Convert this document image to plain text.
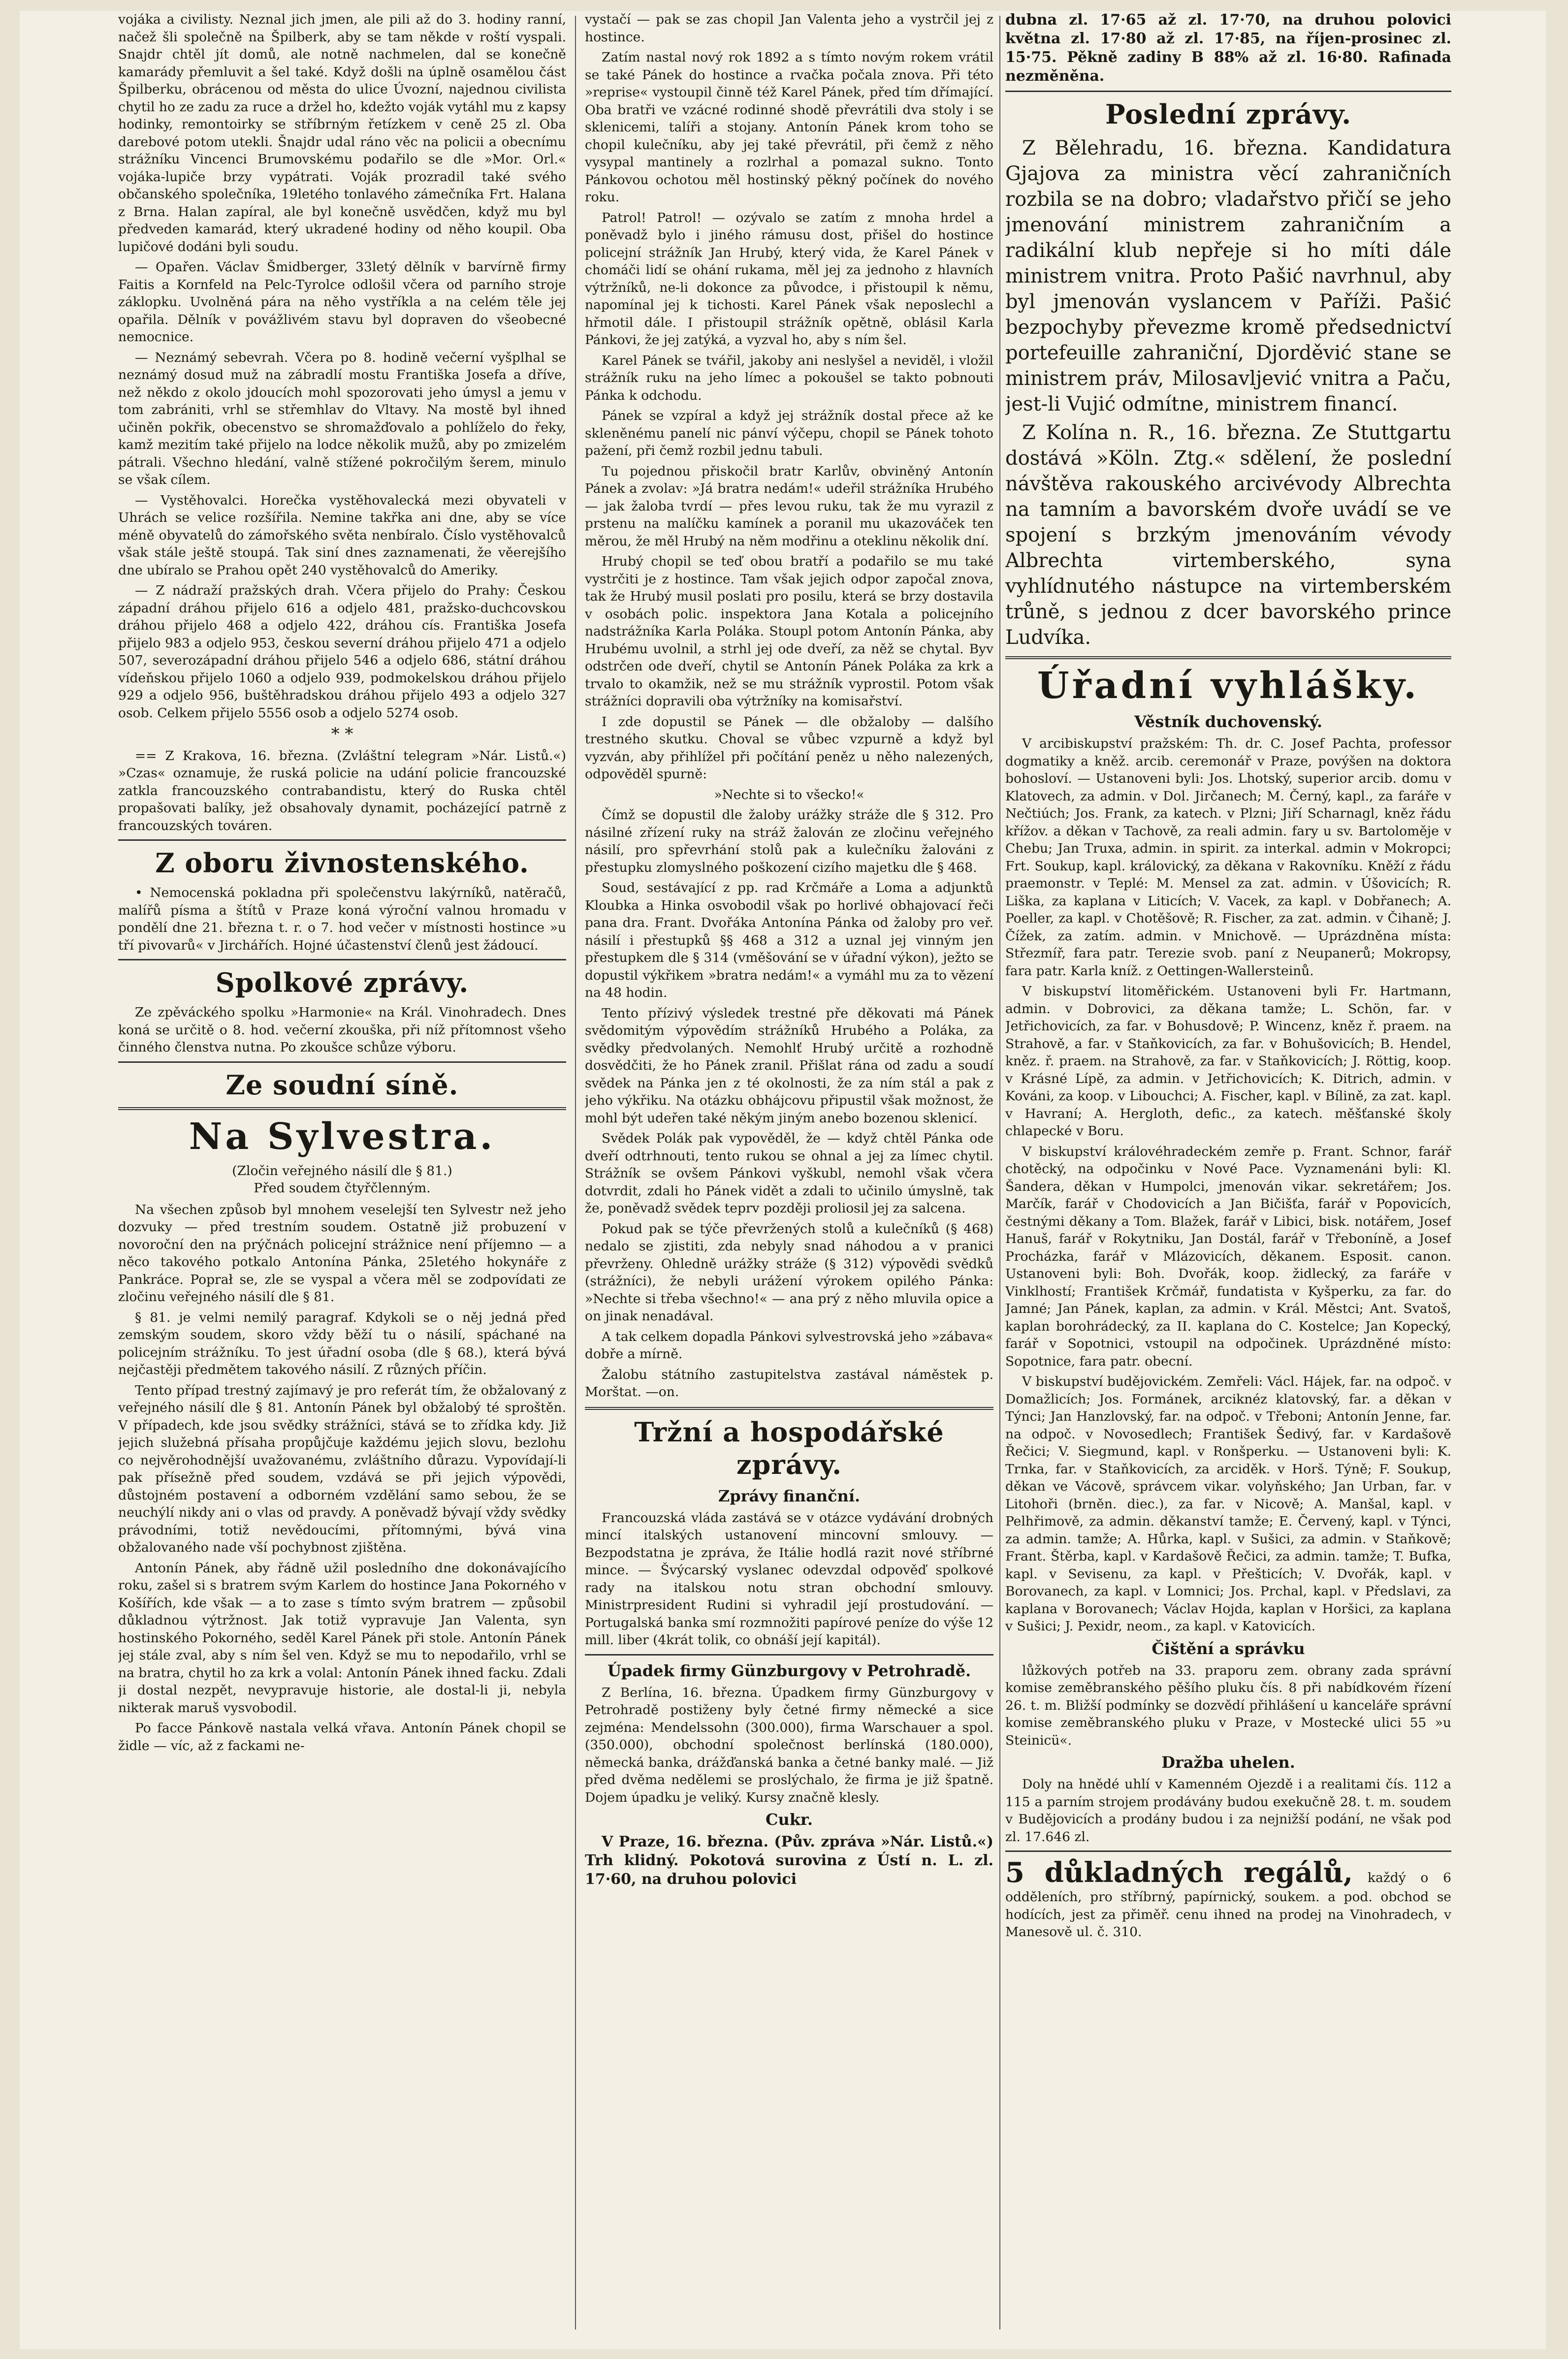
vojáka a civilisty. Neznal jich jmen, ale pili až do 3. hodiny ranní, načež šli společně na Špilberk, aby se tam někde v roští vyspali. Snajdr chtěl jít domů, ale notně nachmelen, dal se konečně kamarády přemluvit a šel také. Když došli na úplně osamělou část Špilberku, obrácenou od města do ulice Úvozní, najednou civilista chytil ho ze zadu za ruce a držel ho, kdežto voják vytáhl mu z kapsy hodinky, remontoirky se stříbrným řetízkem v ceně 25 zl. Oba darebové potom utekli. Šnajdr udal ráno věc na policii a obecnímu strážníku Vincenci Brumovskému podařilo se dle »Mor. Orl.« vojáka-lupiče brzy vypátrati. Voják prozradil také svého občanského společníka, 19letého tonlavého zámečníka Frt. Halana z Brna. Halan zapíral, ale byl konečně usvědčen, když mu byl předveden kamarád, který ukradené hodiny od něho koupil. Oba lupičové dodáni byli soudu.

— Opařen. Václav Šmidberger, 33letý dělník v barvírně firmy Faitis a Kornfeld na Pelc-Tyrolce odlošil včera od parního stroje záklopku. Uvolněná pára na něho vystříkla a na celém těle jej opařila. Dělník v povážlivém stavu byl dopraven do všeobecné nemocnice.

— Neznámý sebevrah. Včera po 8. hodině večerní vyšplhal se neznámý dosud muž na zábradlí mostu Františka Josefa a dříve, než někdo z okolo jdoucích mohl spozorovati jeho úmysl a jemu v tom zabrániti, vrhl se střemhlav do Vltavy. Na mostě byl ihned učiněn pokřik, obecenstvo se shromažďovalo a pohlíželo do řeky, kamž mezitím také přijelo na lodce několik mužů, aby po zmizelém pátrali. Všechno hledání, valně stížené pokročilým šerem, minulo se však cílem.

— Vystěhovalci. Horečka vystěhovalecká mezi obyvateli v Uhrách se velice rozšířila. Nemine takřka ani dne, aby se více méně obyvatelů do zámořského světa nenbíralo. Číslo vystěhovalců však stále ještě stoupá. Tak siní dnes zaznamenati, že věerejšího dne ubíralo se Prahou opět 240 vystěhovalců do Ameriky.

— Z nádraží pražských drah. Včera přijelo do Prahy: Českou západní dráhou přijelo 616 a odjelo 481, pražsko-duchcovskou dráhou přijelo 468 a odjelo 422, dráhou cís. Františka Josefa přijelo 983 a odjelo 953, českou severní dráhou přijelo 471 a odjelo 507, severozápadní dráhou přijelo 546 a odjelo 686, státní dráhou vídeňskou přijelo 1060 a odjelo 939, podmokelskou dráhou přijelo 929 a odjelo 956, buštěhradskou dráhou přijelo 493 a odjelo 327 osob. Celkem přijelo 5556 osob a odjelo 5274 osob.

* *

== Z Krakova, 16. března. (Zvláštní telegram »Nár. Listů.«) »Czas« oznamuje, že ruská policie na udání policie francouzské zatkla francouzského contrabandistu, který do Ruska chtěl propašovati balíky, jež obsahovaly dynamit, pocházející patrně z francouzských továren.

Z oboru živnostenského.

• Nemocenská pokladna při společenstvu lakýrníků, natěračů, malířů písma a štítů v Praze koná výroční valnou hromadu v pondělí dne 21. března t. r. o 7. hod večer v místnosti hostince »u tří pivovarů« v Jirchářích. Hojné účastenství členů jest žádoucí.

Spolkové zprávy.

Ze zpěváckého spolku »Harmonie« na Král. Vinohradech. Dnes koná se určitě o 8. hod. večerní zkouška, při níž přítomnost všeho činného členstva nutna. Po zkoušce schůze výboru.

Ze soudní síně.
Na Sylvestra.
(Zločin veřejného násilí dle § 81.)
Před soudem čtyřčlenným.

Na všechen způsob byl mnohem veselejší ten Sylvestr než jeho dozvuky — před trestním soudem. Ostatně již probuzení v novoroční den na prýčnách policejní strážnice není příjemno — a něco takového potkalo Antonína Pánka, 25letého hokynáře z Pankráce. Poprał se, zle se vyspal a včera měl se zodpovídati ze zločinu veřejného násilí dle § 81.

§ 81. je velmi nemilý paragraf. Kdykoli se o něj jedná před zemským soudem, skoro vždy běží tu o násilí, spáchané na policejním strážníku. To jest úřadní osoba (dle § 68.), která bývá nejčastěji předmětem takového násilí. Z různých příčin.

Tento případ trestný zajímavý je pro referát tím, že obžalovaný z veřejného násilí dle § 81. Antonín Pánek byl obžalobý té sproštěn. V případech, kde jsou svědky strážníci, stává se to zřídka kdy. Již jejich služebná přísaha propůjčuje každému jejich slovu, bezlohu co nejvěrohodnější uvažovanému, zvláštního důrazu. Vypovídají-li pak přísežně před soudem, vzdává se při jejich výpovědi, důstojném postavení a odborném vzdělání samo sebou, že se neuchýlí nikdy ani o vlas od pravdy. A poněvadž bývají vždy svědky právodními, totiž nevědoucími, přítomnými, bývá vina obžalovaného nade vší pochybnost zjištěna.

Antonín Pánek, aby řádně užil posledního dne dokonávajícího roku, zašel si s bratrem svým Karlem do hostince Jana Pokorného v Košířích, kde však — a to zase s tímto svým bratrem — způsobil důkladnou výtržnost. Jak totiž vypravuje Jan Valenta, syn hostinského Pokorného, seděl Karel Pánek při stole. Antonín Pánek jej stále zval, aby s ním šel ven. Když se mu to nepodařilo, vrhl se na bratra, chytil ho za krk a volal: Antonín Pánek ihned facku. Zdali ji dostal nezpět, nevypravuje historie, ale dostal-li ji, nebyla nikterak maruš vysvobodil.

Po facce Pánkově nastala velká vřava. Antonín Pánek chopil se židle — víc, až z fackami ne-

vystačí — pak se zas chopil Jan Valenta jeho a vystrčil jej z hostince.

Zatím nastal nový rok 1892 a s tímto novým rokem vrátil se také Pánek do hostince a rvačka počala znova. Při této »reprise« vystoupil činně též Karel Pánek, před tím dřímající. Oba bratři ve vzácné rodinné shodě převrátili dva stoly i se sklenicemi, talíři a stojany. Antonín Pánek krom toho se chopil kulečníku, aby jej také převrátil, při čemž z něho vysypal mantinely a rozlrhal a pomazal sukno. Tonto Pánkovou ochotou měl hostinský pěkný počínek do nového roku.

Patrol! Patrol! — ozývalo se zatím z mnoha hrdel a poněvadž bylo i jiného rámusu dost, přišel do hostince policejní strážník Jan Hrubý, který vida, že Karel Pánek v chomáči lidí se ohání rukama, měl jej za jednoho z hlavních výtržníků, ne-li dokonce za původce, i přistoupil k němu, napomínal jej k tichosti. Karel Pánek však neposlechl a hřmotil dále. I přistoupil strážník opětně, oblásil Karla Pánkovi, že jej zatýká, a vyzval ho, aby s ním šel.

Karel Pánek se tvářil, jakoby ani neslyšel a neviděl, i vložil strážník ruku na jeho límec a pokoušel se takto pobnouti Pánka k odchodu.

Pánek se vzpíral a když jej strážník dostal přece až ke skleněnému panelí nic pánví výčepu, chopil se Pánek tohoto pažení, při čemž rozbil jednu tabuli.

Tu pojednou přiskočil bratr Karlův, obviněný Antonín Pánek a zvolav: »Já bratra nedám!« udeřil strážníka Hrubého — jak žaloba tvrdí — přes levou ruku, tak že mu vyrazil z prstenu na malíčku kamínek a poranil mu ukazováček ten měrou, že měl Hrubý na něm modřinu a oteklinu několik dní.

Hrubý chopil se teď obou bratří a podařilo se mu také vystrčiti je z hostince. Tam však jejich odpor započal znova, tak že Hrubý musil poslati pro posilu, která se brzy dostavila v osobách polic. inspektora Jana Kotala a policejního nadstrážníka Karla Poláka. Stoupl potom Antonín Pánka, aby Hrubému uvolnil, a strhl jej ode dveří, za něž se chytal. Byv odstrčen ode dveří, chytil se Antonín Pánek Poláka za krk a trvalo to okamžik, než se mu strážník vyprostil. Potom však strážníci dopravili oba výtržníky na komisařství.

I zde dopustil se Pánek — dle obžaloby — dalšího trestného skutku. Choval se vůbec vzpurně a když byl vyzván, aby přihlížel při počítání peněz u něho nalezených, odpověděl spurně:

»Nechte si to všecko!«

Čímž se dopustil dle žaloby urážky stráže dle § 312. Pro násilné zřízení ruky na stráž žalován ze zločinu veřejného násilí, pro spřevrhání stolů pak a kulečníku žalováni z přestupku zlomyslného poškození cizího majetku dle § 468.

Soud, sestávající z pp. rad Krčmáře a Loma a adjunktů Kloubka a Hinka osvobodil však po horlivé obhajovací řeči pana dra. Frant. Dvořáka Antonína Pánka od žaloby pro veř. násilí i přestupků §§ 468 a 312 a uznal jej vinným jen přestupkem dle § 314 (vměšování se v úřadní výkon), ježto se dopustil výkřikem »bratra nedám!« a vymáhl mu za to vězení na 48 hodin.

Tento přízivý výsledek trestné pře děkovati má Pánek svědomitým výpovědím strážníků Hrubého a Poláka, za svědky předvolaných. Nemohlť Hrubý určitě a rozhodně dosvědčiti, že ho Pánek zranil. Přišlat rána od zadu a soudí svědek na Pánka jen z té okolnosti, že za ním stál a pak z jeho výkřiku. Na otázku obhájcovu připustil však možnost, že mohl být udeřen také někým jiným anebo bozenou sklenicí.

Svědek Polák pak vypověděl, že — když chtěl Pánka ode dveří odtrhnouti, tento rukou se ohnal a jej za límec chytil. Strážník se ovšem Pánkovi vyškubl, nemohl však včera dotvrdit, zdali ho Pánek vidět a zdali to učinilo úmyslně, tak že, poněvadž svědek teprv později proliosil jej za salcena.

Pokud pak se týče převržených stolů a kulečníků (§ 468) nedalo se zjistiti, zda nebyly snad náhodou a v pranici převrženy. Ohledně urážky stráže (§ 312) výpovědi svědků (strážníci), že nebyli urážení výrokem opilého Pánka: »Nechte si třeba všechno!« — ana prý z něho mluvila opice a on jinak nenadával.

A tak celkem dopadla Pánkovi sylvestrovská jeho »zábava« dobře a mírně.

Žalobu státního zastupitelstva zastával náměstek p. Morštat. —on.

Tržní a hospodářské zprávy.
Zprávy finanční.

Francouzská vláda zastává se v otázce vydávání drobných mincí italských ustanovení mincovní smlouvy. — Bezpodstatna je zpráva, že Itálie hodlá razit nové stříbrné mince. — Švýcarský vyslanec odevzdal odpověď spolkové rady na italskou notu stran obchodní smlouvy. Ministrpresident Rudini si vyhradil její prostudování. — Portugalská banka smí rozmnožiti papírové peníze do výše 12 mill. liber (4krát tolik, co obnáší její kapitál).

Úpadek firmy Günzburgovy v Petrohradě.

Z Berlína, 16. března. Úpadkem firmy Günzburgovy v Petrohradě postiženy byly četné firmy německé a sice zejména: Mendelssohn (300.000), firma Warschauer a spol. (350.000), obchodní společnost berlínská (180.000), německá banka, drážďanská banka a četné banky malé. — Již před dvěma nedělemi se proslýchalo, že firma je již špatně. Dojem úpadku je veliký. Kursy značně klesly.

Cukr.

V Praze, 16. března. (Pův. zpráva »Nár. Listů.«) Trh klidný. Pokotová surovina z Ústí n. L. zl. 17·60, na druhou polovici

dubna zl. 17·65 až zl. 17·70, na druhou polovici května zl. 17·80 až zl. 17·85, na říjen-prosinec zl. 15·75. Pěkně zadiny B 88% až zl. 16·80. Rafinada nezměněna.

Poslední zprávy.

Z Bělehradu, 16. března. Kandidatura Gjajova za ministra věcí zahraničních rozbila se na dobro; vladařstvo přičí se jeho jmenování ministrem zahraničním a radikální klub nepřeje si ho míti dále ministrem vnitra. Proto Pašić navrhnul, aby byl jmenován vyslancem v Paříži. Pašić bezpochyby převezme kromě předsednictví portefeuille zahraniční, Djorděvić stane se ministrem práv, Milosavljević vnitra a Paču, jest-li Vujić odmítne, ministrem financí.

Z Kolína n. R., 16. března. Ze Stuttgartu dostává »Köln. Ztg.« sdělení, že poslední návštěva rakouského arcivévody Albrechta na tamním a bavorském dvoře uvádí se ve spojení s brzkým jmenováním vévody Albrechta virtemberského, syna vyhlídnutého nástupce na virtemberském trůně, s jednou z dcer bavorského prince Ludvíka.

Úřadní vyhlášky.
Věstník duchovenský.

V arcibiskupství pražském: Th. dr. C. Josef Pachta, professor dogmatiky a kněž. arcib. ceremonář v Praze, povýšen na doktora bohosloví. — Ustanoveni byli: Jos. Lhotský, superior arcib. domu v Klatovech, za admin. v Dol. Jirčanech; M. Černý, kapl., za faráře v Nečtiúch; Jos. Frank, za katech. v Plzni; Jiří Scharnagl, kněz řádu křížov. a děkan v Tachově, za reali admin. fary u sv. Bartoloměje v Chebu; Jan Truxa, admin. in spirit. za interkal. admin v Mokropci; Frt. Soukup, kapl. královický, za děkana v Rakovníku. Kněží z řádu praemonstr. v Teplé: M. Mensel za zat. admin. v Úšovicích; R. Liška, za kaplana v Liticích; V. Vacek, za kapl. v Dobřanech; A. Poeller, za kapl. v Chotěšově; R. Fischer, za zat. admin. v Čihaně; J. Čížek, za zatím. admin. v Mnichově. — Uprázdněna místa: Střezmíř, fara patr. Terezie svob. paní z Neupanerů; Mokropsy, fara patr. Karla kníž. z Oettingen-Wallersteinů.

V biskupství litoměřickém. Ustanoveni byli Fr. Hartmann, admin. v Dobrovici, za děkana tamže; L. Schön, far. v Jetřichovicích, za far. v Bohusdově; P. Wincenz, kněz ř. praem. na Strahově, a far. v Staňkovicích, za far. v Bohušovicích; B. Hendel, kněz. ř. praem. na Strahově, za far. v Staňkovicích; J. Röttig, koop. v Krásné Lípě, za admin. v Jetřichovicích; K. Ditrich, admin. v Kováni, za koop. v Libouchci; A. Fischer, kapl. v Bílině, za zat. kapl. v Havraní; A. Hergloth, defic., za katech. měšťanské školy chlapecké v Boru.

V biskupství královéhradeckém zemře p. Frant. Schnor, farář chotěcký, na odpočinku v Nové Pace. Vyznamenáni byli: Kl. Šandera, děkan v Humpolci, jmenován vikar. sekretářem; Jos. Marčík, farář v Chodovicích a Jan Bičišťa, farář v Popovicích, čestnými děkany a Tom. Blažek, farář v Libici, bisk. notářem, Josef Hanuš, farář v Rokytniku, Jan Dostál, farář v Třeboníně, a Josef Procházka, farář v Mlázovicích, děkanem. Esposit. canon. Ustanoveni byli: Boh. Dvořák, koop. židlecký, za faráře v Vinklhostí; František Krčmář, fundatista v Kyšperku, za far. do Jamné; Jan Pánek, kaplan, za admin. v Král. Městci; Ant. Svatoš, kaplan borohrádecký, za II. kaplana do C. Kostelce; Jan Kopecký, farář v Sopotnici, vstoupil na odpočinek. Uprázdněné místo: Sopotnice, fara patr. obecní.

V biskupství budějovickém. Zemřeli: Václ. Hájek, far. na odpoč. v Domažlicích; Jos. Formánek, arciknéz klatovský, far. a děkan v Týnci; Jan Hanzlovský, far. na odpoč. v Třeboni; Antonín Jenne, far. na odpoč. v Novosedlech; František Šedivý, far. v Kardašově Řečici; V. Siegmund, kapl. v Ronšperku. — Ustanoveni byli: K. Trnka, far. v Staňkovicích, za arciděk. v Horš. Týně; F. Soukup, děkan ve Vácově, správcem vikar. volyňského; Jan Urban, far. v Litohoři (brněn. diec.), za far. v Nicově; A. Manšal, kapl. v Pelhřimově, za admin. děkanství tamže; E. Červený, kapl. v Týnci, za admin. tamže; A. Hůrka, kapl. v Sušici, za admin. v Staňkově; Frant. Štěrba, kapl. v Kardašově Řečici, za admin. tamže; T. Bufka, kapl. v Sevisenu, za kapl. v Přešticích; V. Dvořák, kapl. v Borovanech, za kapl. v Lomnici; Jos. Prchal, kapl. v Předslavi, za kaplana v Borovanech; Václav Hojda, kaplan v Horšici, za kaplana v Sušici; J. Pexidr, neom., za kapl. v Katovicích.

Čištění a správku

lůžkových potřeb na 33. praporu zem. obrany zada správní komise zeměbranského pěšího pluku čís. 8 při nabídkovém řízení 26. t. m. Bližší podmínky se dozvědí přihlášení u kanceláře správní komise zeměbranského pluku v Praze, v Mostecké ulici 55 »u Steinicü«.

Dražba uhelen.

Doly na hnědé uhlí v Kamenném Ojezdě i a realitami čís. 112 a 115 a parním strojem prodávány budou exekučně 28. t. m. soudem v Budějovicích a prodány budou i za nejnižší podání, ne však pod zl. 17.646 zl.

5 důkladných regálů, každý o 6 odděleních, pro stříbrný, papírnický, soukem. a pod. obchod se hodících, jest za přiměř. cenu ihned na prodej na Vinohradech, v Manesově ul. č. 310.
